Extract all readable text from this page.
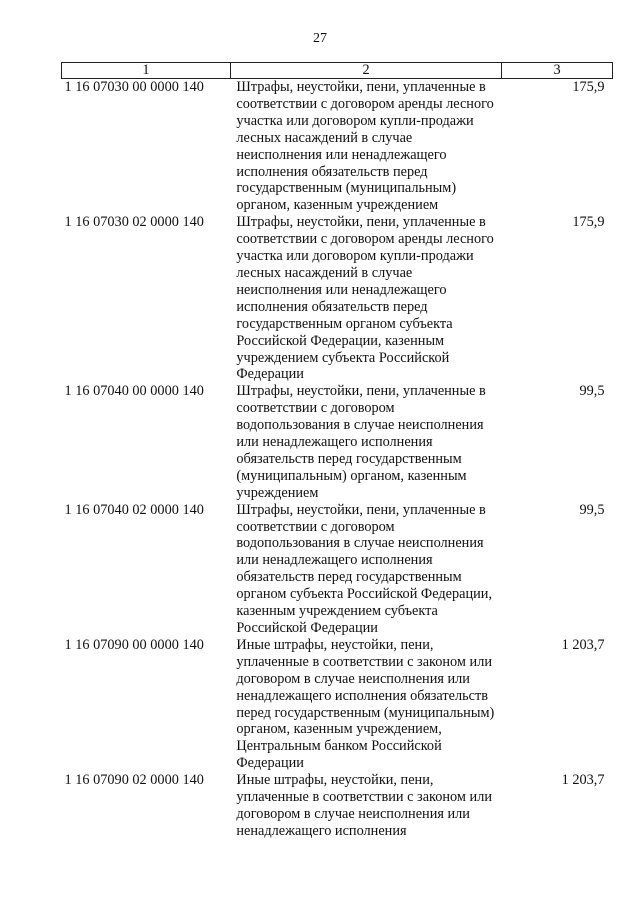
27
1	2	3
1 16 07030 00 0000 140	Штрафы, неустойки, пени, уплаченные в соответствии с договором аренды лесного участка или договором купли-продажи лесных насаждений в случае неисполнения или ненадлежащего исполнения обязательств перед государственным (муниципальным) органом, казенным учреждением	175,9
1 16 07030 02 0000 140	Штрафы, неустойки, пени, уплаченные в соответствии с договором аренды лесного участка или договором купли-продажи лесных насаждений в случае неисполнения или ненадлежащего исполнения обязательств перед государственным органом субъекта Российской Федерации, казенным учреждением субъекта Российской Федерации	175,9
1 16 07040 00 0000 140	Штрафы, неустойки, пени, уплаченные в соответствии с договором водопользования в случае неисполнения или ненадлежащего исполнения обязательств перед государственным (муниципальным) органом, казенным учреждением	99,5
1 16 07040 02 0000 140	Штрафы, неустойки, пени, уплаченные в соответствии с договором водопользования в случае неисполнения или ненадлежащего исполнения обязательств перед государственным органом субъекта Российской Федерации, казенным учреждением субъекта Российской Федерации	99,5
1 16 07090 00 0000 140	Иные штрафы, неустойки, пени, уплаченные в соответствии с законом или договором в случае неисполнения или ненадлежащего исполнения обязательств перед государственным (муниципальным) органом, казенным учреждением, Центральным банком Российской Федерации	1 203,7
1 16 07090 02 0000 140	Иные штрафы, неустойки, пени, уплаченные в соответствии с законом или договором в случае неисполнения или ненадлежащего исполнения	1 203,7
